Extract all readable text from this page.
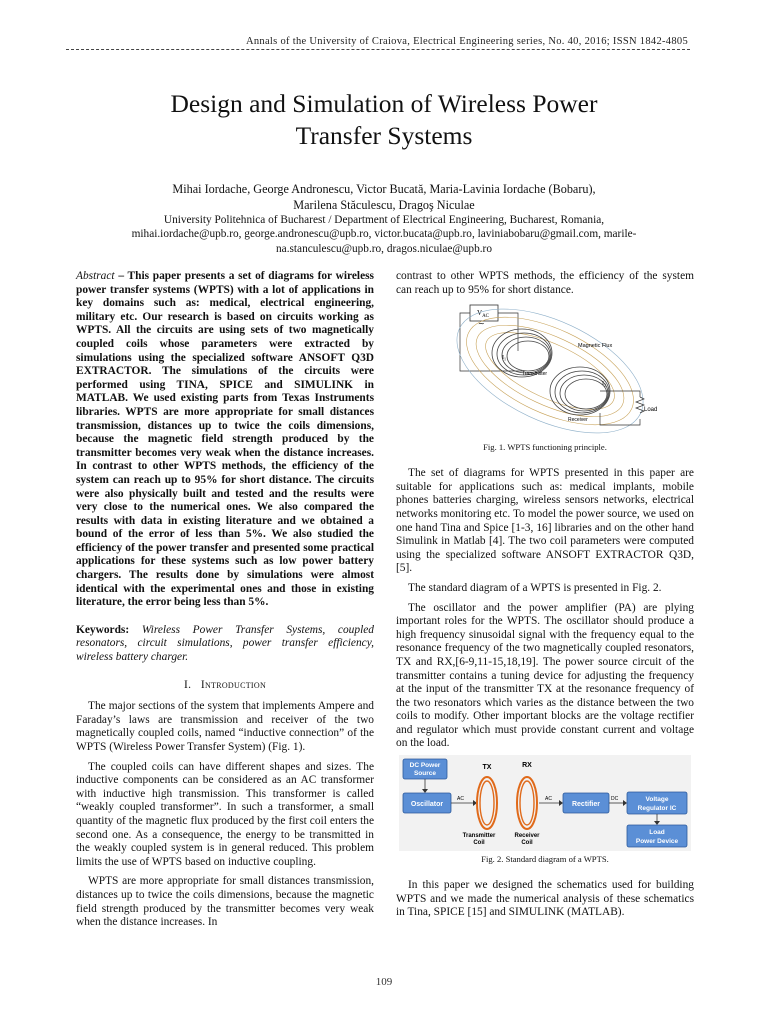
Annals of the University of Craiova, Electrical Engineering series, No. 40, 2016; ISSN 1842-4805
Design and Simulation of Wireless Power
Transfer Systems
Mihai Iordache, George Andronescu, Victor Bucată, Maria-Lavinia Iordache (Bobaru),
Marilena Stăculescu, Dragoş Niculae
University Politehnica of Bucharest / Department of Electrical Engineering, Bucharest, Romania,
mihai.iordache@upb.ro, george.andronescu@upb.ro, victor.bucata@upb.ro, laviniabobaru@gmail.com, marile-
na.stanculescu@upb.ro, dragos.niculae@upb.ro

Abstract – This paper presents a set of diagrams for wireless power transfer systems (WPTS) with a lot of applications in key domains such as: medical, electrical engineering, military etc. Our research is based on circuits working as WPTS. All the circuits are using sets of two magnetically coupled coils whose parameters were extracted by simulations using the specialized software ANSOFT Q3D EXTRACTOR. The simulations of the circuits were performed using TINA, SPICE and SIMULINK in MATLAB. We used existing parts from Texas Instruments libraries. WPTS are more appropriate for small distances transmission, distances up to twice the coils dimensions, because the magnetic field strength produced by the transmitter becomes very weak when the distance increases. In contrast to other WPTS methods, the efficiency of the system can reach up to 95% for short distance. The circuits were also physically built and tested and the results were very close to the numerical ones. We also compared the results with data in existing literature and we obtained a bound of the error of less than 5%. We also studied the efficiency of the power transfer and presented some practical applications for these systems such as low power battery chargers. The results done by simulations were almost identical with the experimental ones and those in existing literature, the error being less than 5%.

Keywords: Wireless Power Transfer Systems, coupled resonators, circuit simulations, power transfer efficiency, wireless battery charger.

I. Introduction

The major sections of the system that implements Ampere and Faraday’s laws are transmission and receiver of the two magnetically coupled coils, named “inductive connection” of the WPTS (Wireless Power Transfer System) (Fig. 1).

The coupled coils can have different shapes and sizes. The inductive components can be considered as an AC transformer with inductive high transmission. This transformer is called “weakly coupled transformer”. In such a transformer, a small quantity of the magnetic flux produced by the first coil enters the second one. As a consequence, the energy to be transmitted in the weakly coupled system is in general reduced. This problem limits the use of WPTS based on inductive coupling.

WPTS are more appropriate for small distances transmission, distances up to twice the coils dimensions, because the magnetic field strength produced by the transmitter becomes very weak when the distance increases. In

contrast to other WPTS methods, the efficiency of the system can reach up to 95% for short distance.

$V_{AC}$
~
Load
Magnetic Flux
Transmitter
Receiver
$I_1$
$I_2$
Fig. 1. WPTS functioning principle.

The set of diagrams for WPTS presented in this paper are suitable for applications such as: medical implants, mobile phones batteries charging, wireless sensors networks, electrical networks monitoring etc. To model the power source, we used on one hand Tina and Spice [1-3, 16] libraries and on the other hand Simulink in Matlab [4]. The two coil parameters were computed using the specialized software ANSOFT EXTRACTOR Q3D, [5].

The standard diagram of a WPTS is presented in Fig. 2.

The oscillator and the power amplifier (PA) are plying important roles for the WPTS. The oscillator should produce a high frequency sinusoidal signal with the frequency equal to the resonance frequency of the two magnetically coupled resonators, TX and RX,[6-9,11-15,18,19]. The power source circuit of the transmitter contains a tuning device for adjusting the frequency at the input of the transmitter TX at the resonance frequency of the two resonators which varies as the distance between the two coils to modify. Other important blocks are the voltage rectifier and regulator which must provide constant current and voltage on the load.

DC Power
Source
Oscillator
AC
TX	RX
Transmitter
Coil
Receiver
Coil
AC
Rectifier
DC	Voltage
Regulator IC
Load
Power Device
Fig. 2. Standard diagram of a WPTS.

In this paper we designed the schematics used for building WPTS and we made the numerical analysis of these schematics in Tina, SPICE [15] and SIMULINK (MATLAB).

109
